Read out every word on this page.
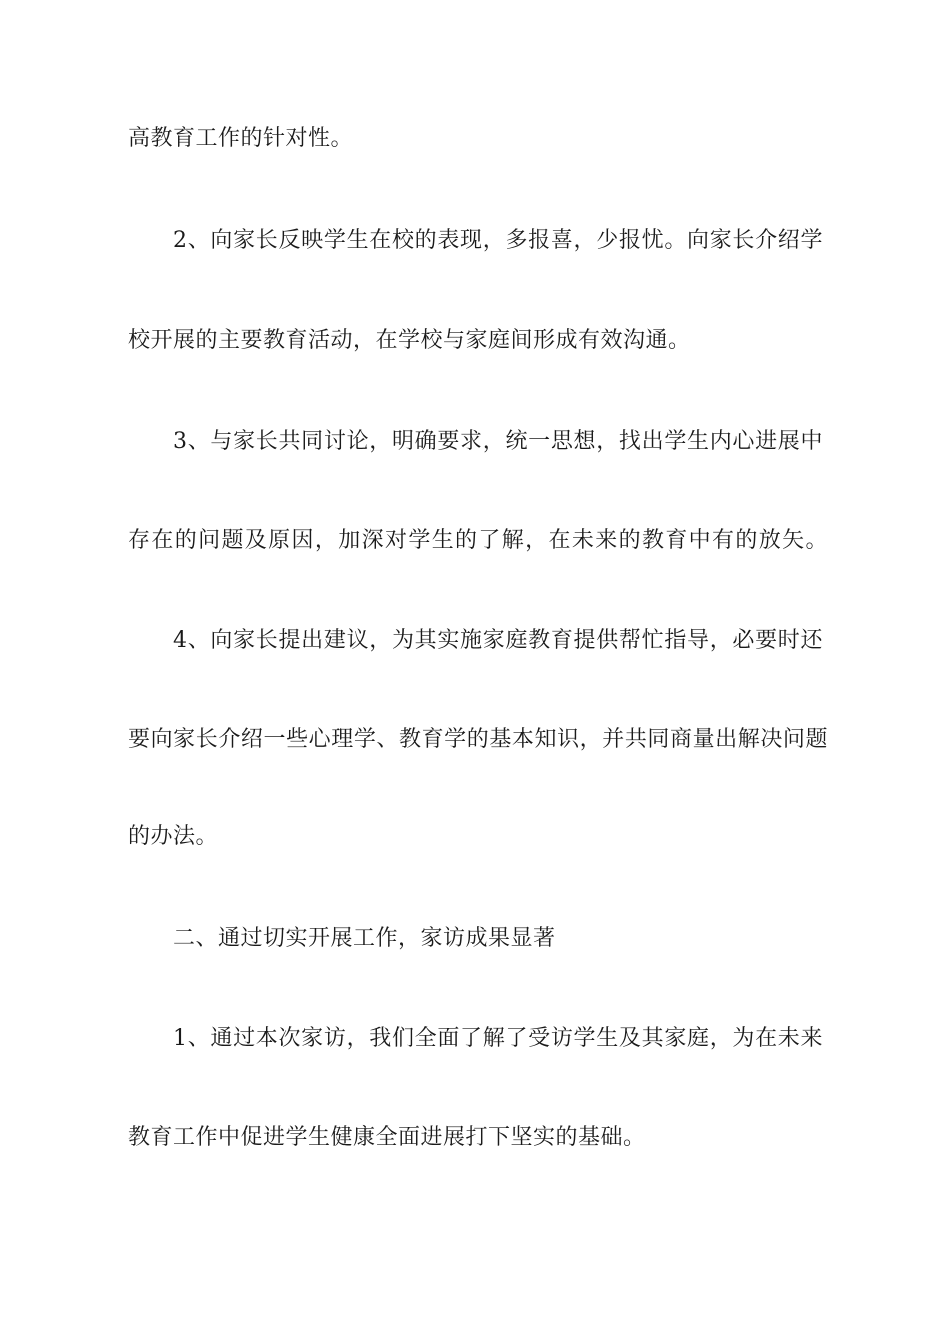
高教育工作的针对性。
2、向家长反映学生在校的表现，多报喜，少报忧。向家长介绍学
校开展的主要教育活动，在学校与家庭间形成有效沟通。
3、与家长共同讨论，明确要求，统一思想，找出学生内心进展中
存在的问题及原因，加深对学生的了解，在未来的教育中有的放矢。
4、向家长提出建议，为其实施家庭教育提供帮忙指导，必要时还
要向家长介绍一些心理学、教育学的基本知识，并共同商量出解决问题
的办法。
二、通过切实开展工作，家访成果显著
1、通过本次家访，我们全面了解了受访学生及其家庭，为在未来
教育工作中促进学生健康全面进展打下坚实的基础。
